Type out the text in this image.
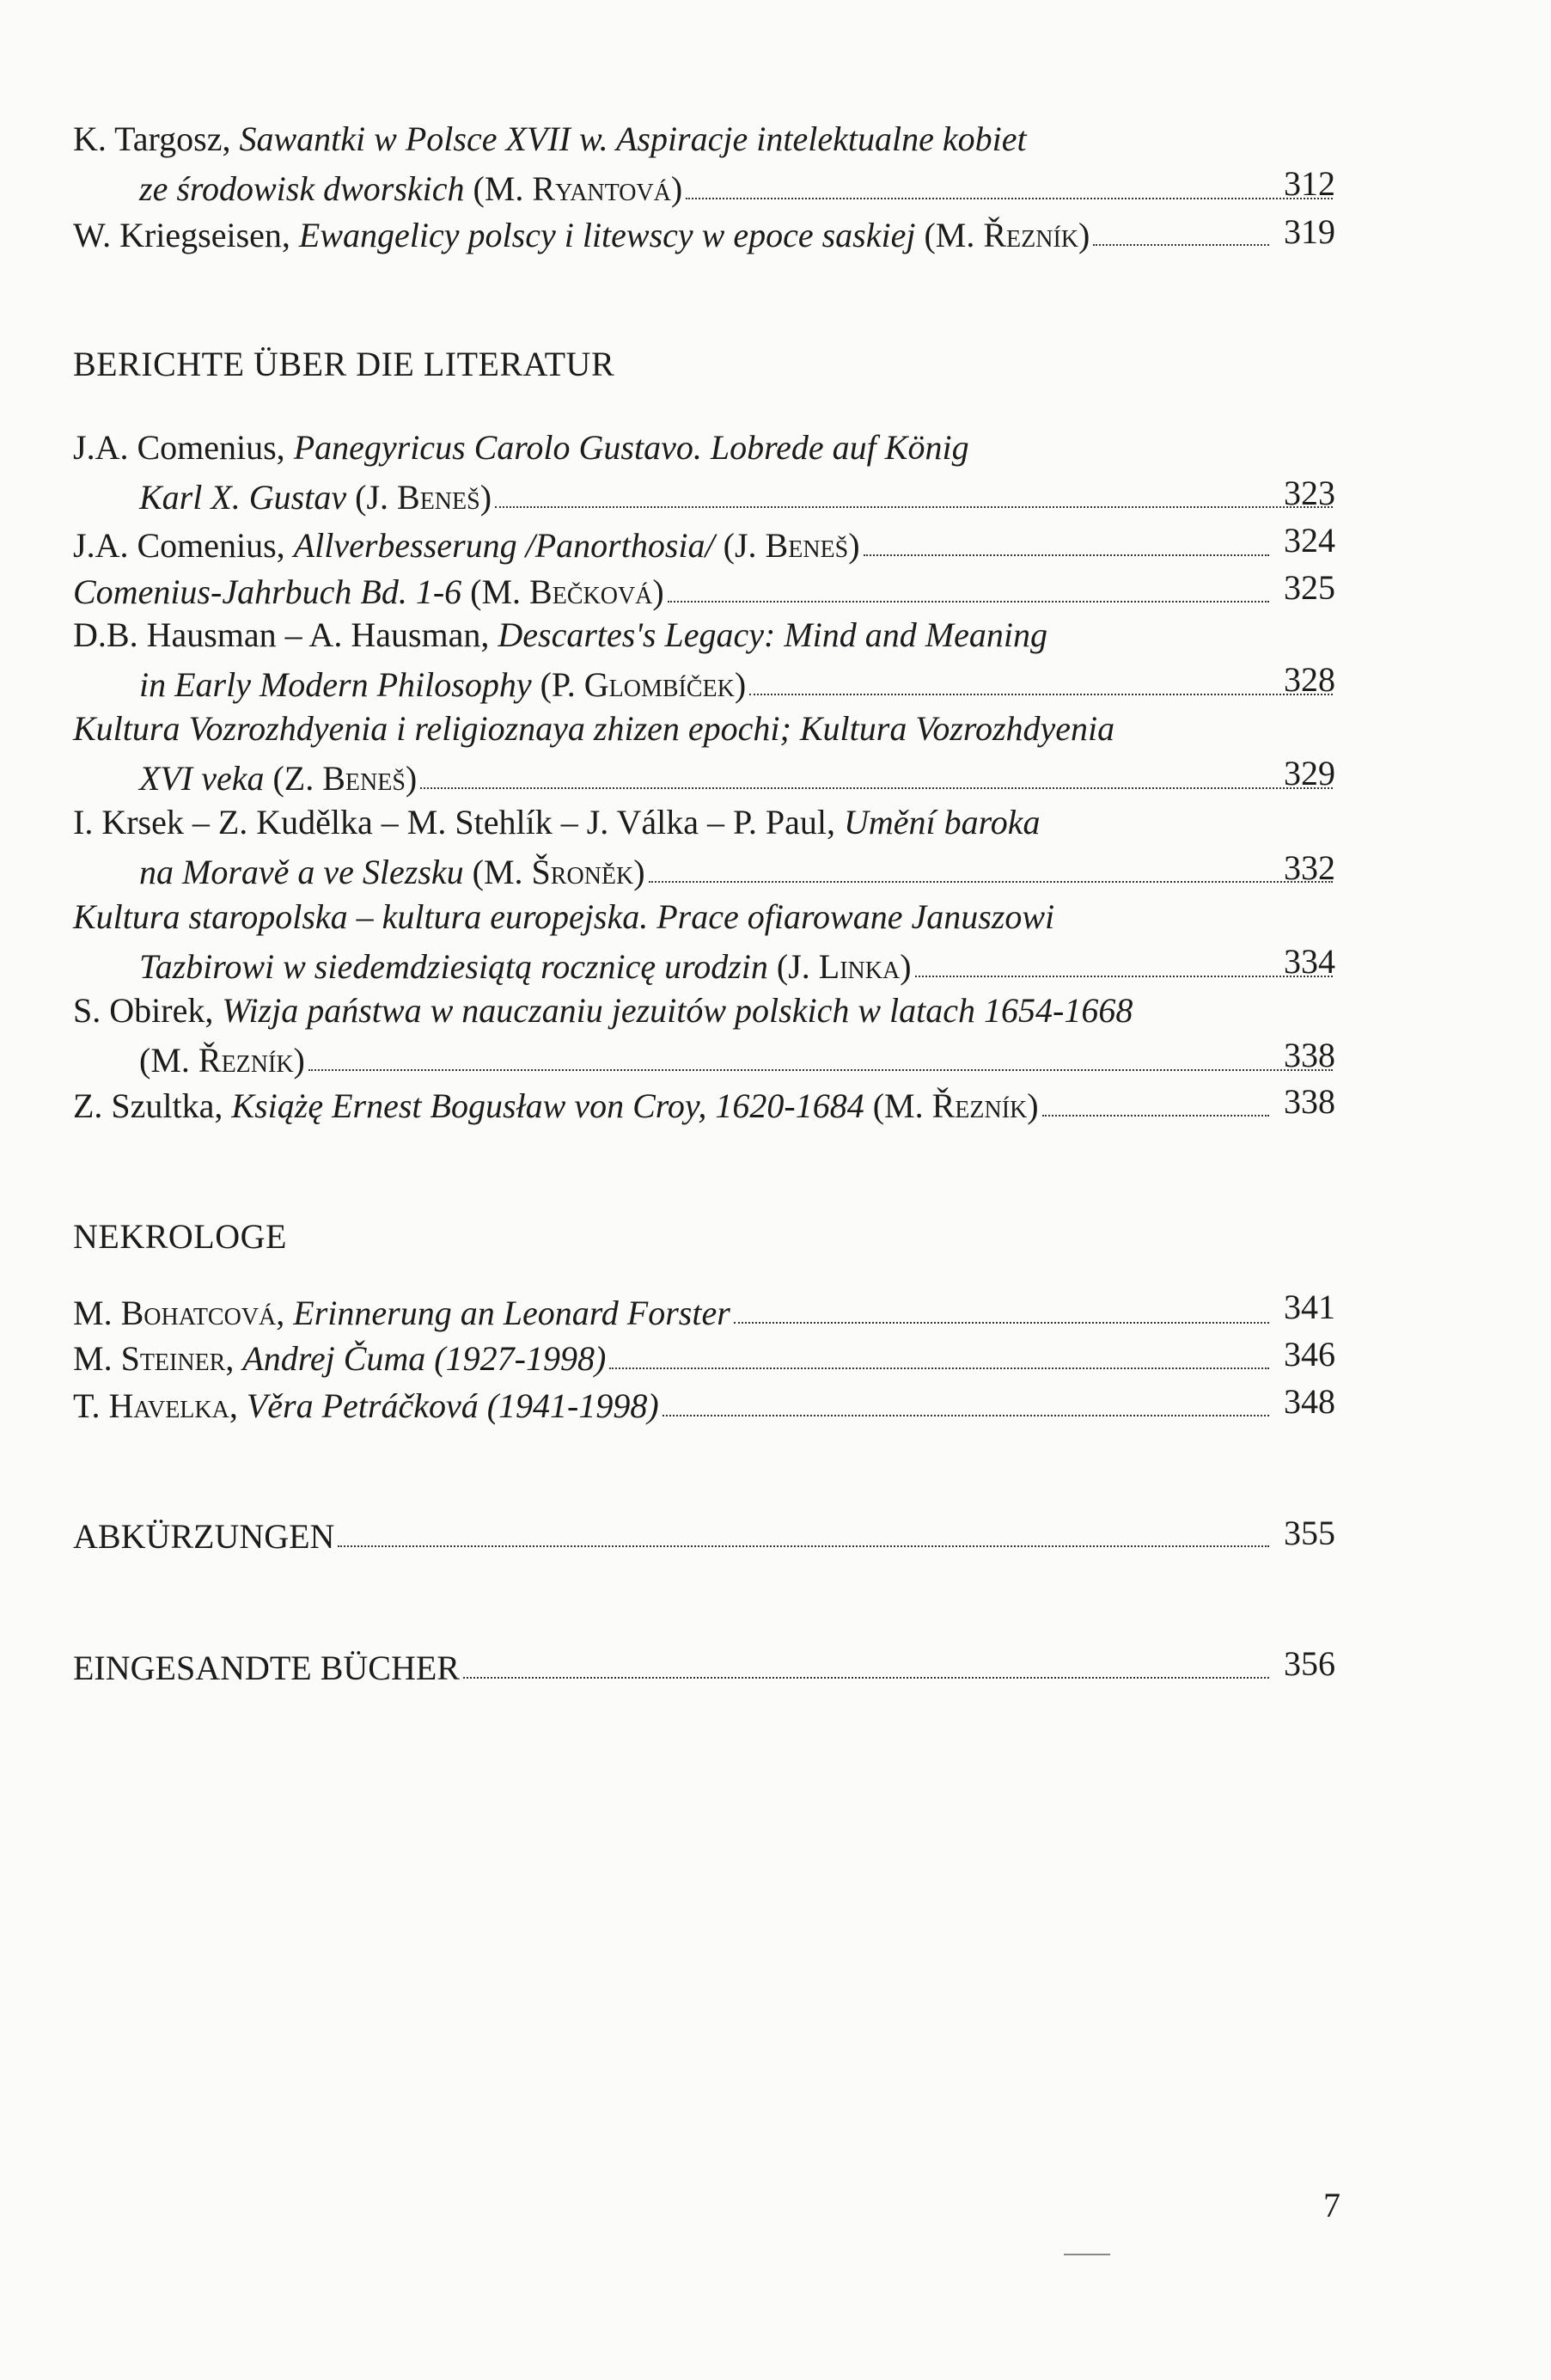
K. Targosz, Sawantki w Polsce XVII w. Aspiracje intelektualne kobiet
ze środowisk dworskich (M. Ryantová)	312
W. Kriegseisen, Ewangelicy polscy i litewscy w epoce saskiej (M. Řezník)	319
BERICHTE ÜBER DIE LITERATUR
J.A. Comenius, Panegyricus Carolo Gustavo. Lobrede auf König
Karl X. Gustav (J. Beneš)	323
J.A. Comenius, Allverbesserung /Panorthosia/ (J. Beneš)	324
Comenius-Jahrbuch Bd. 1-6 (M. Bečková)	325
D.B. Hausman – A. Hausman, Descartes's Legacy: Mind and Meaning
in Early Modern Philosophy (P. Glombíček)	328
Kultura Vozrozhdyenia i religioznaya zhizen epochi; Kultura Vozrozhdyenia
XVI veka (Z. Beneš)	329
I. Krsek – Z. Kudělka – M. Stehlík – J. Válka – P. Paul, Umění baroka
na Moravě a ve Slezsku (M. Šroněk)	332
Kultura staropolska – kultura europejska. Prace ofiarowane Januszowi
Tazbirowi w siedemdziesiątą rocznicę urodzin (J. Linka)	334
S. Obirek, Wizja państwa w nauczaniu jezuitów polskich w latach 1654-1668
(M. Řezník)	338
Z. Szultka, Książę Ernest Bogusław von Croy, 1620-1684 (M. Řezník)	338
NEKROLOGE
M. Bohatcová, Erinnerung an Leonard Forster	341
M. Steiner, Andrej Čuma (1927-1998)	346
T. Havelka, Věra Petráčková (1941-1998)	348
ABKÜRZUNGEN	355
EINGESANDTE BÜCHER	356
7
